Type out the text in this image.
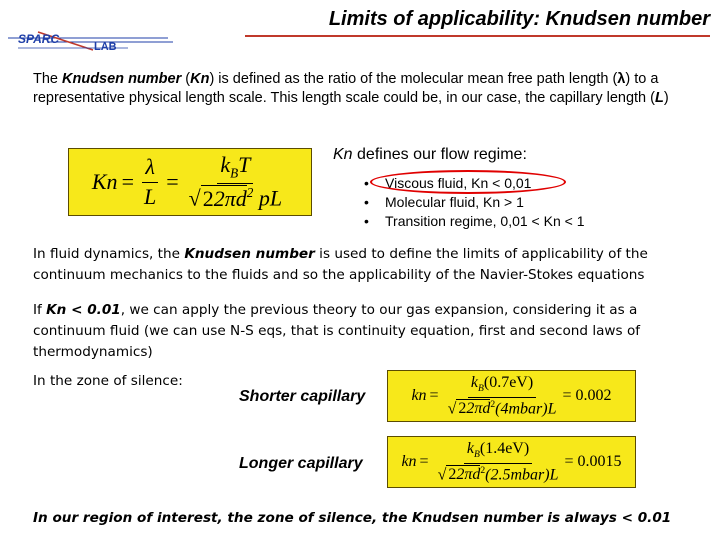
Limits of applicability: Knudsen number
SPARC
LAB
The Knudsen number (Kn) is defined as the ratio of the molecular mean free path length (λ) to a representative physical length scale. This length scale could be, in our case, the capillary length (L)
$Kn = \frac{\lambda}{L} = \frac{k_BT}{√22\pi d^2 pL}$	Kn defines our flow regime:
• Viscous fluid, Kn < 0,01
• Molecular fluid, Kn > 1
• Transition regime, 0,01 < Kn < 1
In fluid dynamics, the Knudsen number is used to define the limits of applicability of the continuum mechanics to the fluids and so the applicability of the Navier-Stokes equations
If Kn < 0.01, we can apply the previous theory to our gas expansion, considering it as a continuum fluid (we can use N-S eqs, that is continuity equation, first and second laws of thermodynamics)
In the zone of silence:
Shorter capillary	kn = $\frac{k_B(0.7eV)}{√ 22\pi d^2(4mbar)L} = 0.002$
Longer capillary kn = $\frac{k_B(1.4eV)}{√ 22\pi d^2(2.5mbar)L} = 0.0015$
In our region of interest, the zone of silence, the Knudsen number is always < 0.01
